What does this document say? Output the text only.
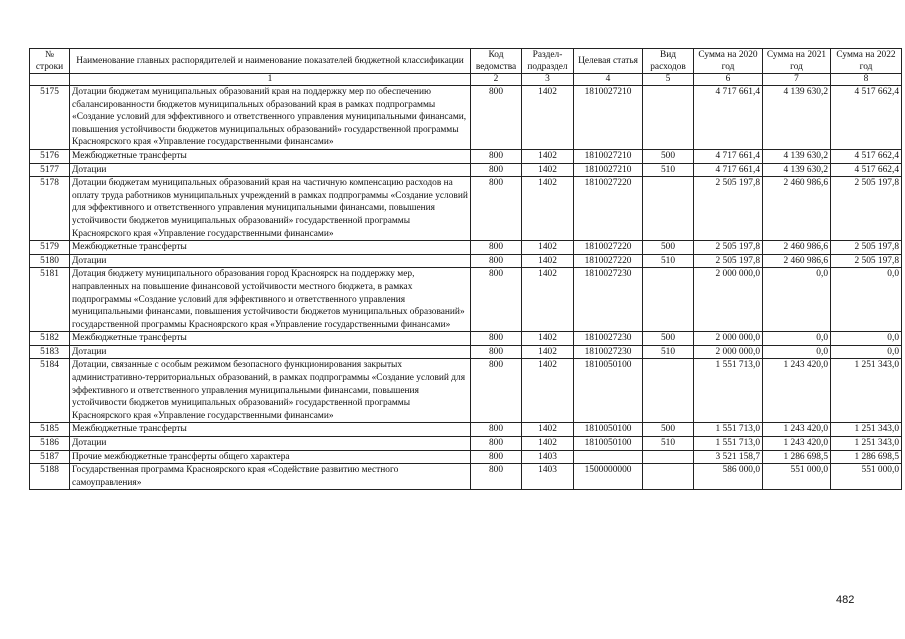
№ строки	Наименование главных распорядителей и наименование показателей бюджетной классификации	Код ведомства	Раздел-подраздел	Целевая статья	Вид расходов	Сумма на 2020 год	Сумма на 2021 год	Сумма на 2022 год
	1	2	3	4	5	6	7	8
5175	Дотации бюджетам муниципальных образований края на поддержку мер по обеспечению сбалансированности бюджетов муниципальных образований края в рамках подпрограммы «Создание условий для эффективного и ответственного управления муниципальными финансами, повышения устойчивости бюджетов муниципальных образований» государственной программы Красноярского края «Управление государственными финансами»	800	1402	1810027210		4 717 661,4	4 139 630,2	4 517 662,4
5176	Межбюджетные трансферты	800	1402	1810027210	500	4 717 661,4	4 139 630,2	4 517 662,4
5177	Дотации	800	1402	1810027210	510	4 717 661,4	4 139 630,2	4 517 662,4
5178	Дотации бюджетам муниципальных образований края на частичную компенсацию расходов на оплату труда работников муниципальных учреждений в рамках подпрограммы «Создание условий для эффективного и ответственного управления муниципальными финансами, повышения устойчивости бюджетов муниципальных образований» государственной программы Красноярского края «Управление государственными финансами»	800	1402	1810027220		2 505 197,8	2 460 986,6	2 505 197,8
5179	Межбюджетные трансферты	800	1402	1810027220	500	2 505 197,8	2 460 986,6	2 505 197,8
5180	Дотации	800	1402	1810027220	510	2 505 197,8	2 460 986,6	2 505 197,8
5181	Дотация бюджету муниципального образования город Красноярск на поддержку мер, направленных на повышение финансовой устойчивости местного бюджета, в рамках подпрограммы «Создание условий для эффективного и ответственного управления муниципальными финансами, повышения устойчивости бюджетов муниципальных образований» государственной программы Красноярского края «Управление государственными финансами»	800	1402	1810027230		2 000 000,0	0,0	0,0
5182	Межбюджетные трансферты	800	1402	1810027230	500	2 000 000,0	0,0	0,0
5183	Дотации	800	1402	1810027230	510	2 000 000,0	0,0	0,0
5184	Дотации, связанные с особым режимом безопасного функционирования закрытых административно-территориальных образований, в рамках подпрограммы «Создание условий для эффективного и ответственного управления муниципальными финансами, повышения устойчивости бюджетов муниципальных образований» государственной программы Красноярского края «Управление государственными финансами»	800	1402	1810050100		1 551 713,0	1 243 420,0	1 251 343,0
5185	Межбюджетные трансферты	800	1402	1810050100	500	1 551 713,0	1 243 420,0	1 251 343,0
5186	Дотации	800	1402	1810050100	510	1 551 713,0	1 243 420,0	1 251 343,0
5187	Прочие межбюджетные трансферты общего характера	800	1403			3 521 158,7	1 286 698,5	1 286 698,5
5188	Государственная программа Красноярского края «Содействие развитию местного самоуправления»	800	1403	1500000000		586 000,0	551 000,0	551 000,0
482
